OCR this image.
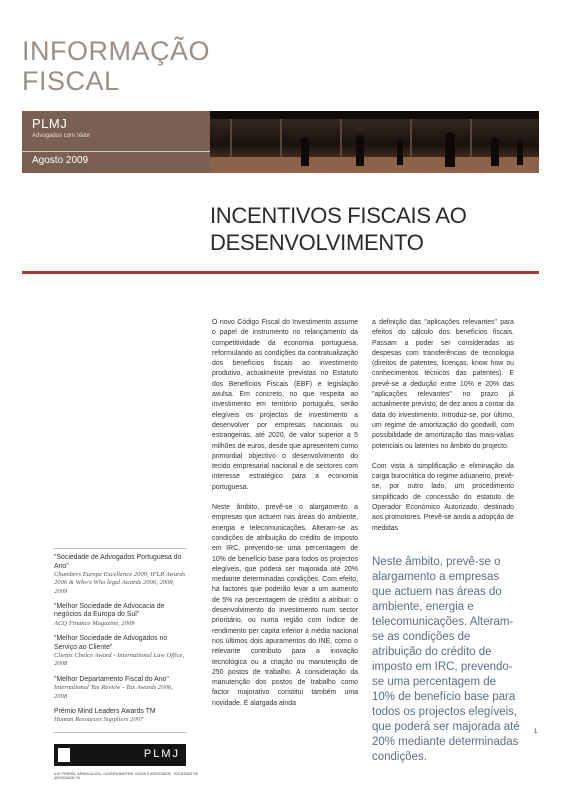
INFORMAÇÃO
FISCAL
PLMJ
Advogados com Valor
Agosto 2009
INCENTIVOS FISCAIS AO
DESENVOLVIMENTO

O novo Código Fiscal do Investimento assume o papel de instrumento no relançamento da competitividade da economia portuguesa, reformulando as condições da contratualização dos benefícios fiscais ao investimento produtivo, actualmente previstas no Estatuto dos Benefícios Fiscais (EBF) e legislação avulsa. Em concreto, no que respeita ao investimento em território português, serão elegíveis os projectos de investimento a desenvolver por empresas nacionais ou estrangeiras, até 2020, de valor superior a 5 milhões de euros, desde que apresentem como primordial objectivo o desenvolvimento do tecido empresarial nacional e de sectores com interesse estratégico para a economia portuguesa.

Neste âmbito, prevê-se o alargamento a empresas que actuem nas áreas do ambiente, energia e telecomunicações. Alteram-se as condições de atribuição do crédito de imposto em IRC, prevendo-se uma percentagem de 10% de benefício base para todos os projectos elegíveis, que poderá ser majorada até 20% mediante determinadas condições. Com efeito, há factores que poderão levar a um aumento de 5% na percentagem de crédito a atribuir: o desenvolvimento do investimento num sector prioritário, ou numa região com índice de rendimento per capita inferior à média nacional nos últimos dois apuramentos do INE, como o relevante contributo para a inovação tecnológica ou a criação ou manutenção de 250 postos de trabalho. A consideração da manutenção dos postos de trabalho como factor majorativo constitui também uma novidade. É alargada ainda

a definição das "aplicações relevantes" para efeitos do cálculo dos benefícios fiscais. Passam a poder ser consideradas as despesas com transferências de tecnologia (direitos de patentes, licenças, know how ou conhecimentos técnicos das patentes). E prevê-se a dedução entre 10% e 20% das "aplicações relevantes" no prazo já actualmente previsto, de dez anos a contar da data do investimento. Introduz-se, por último, um regime de amortização do goodwill, com possibilidade de amortização das mais-valias potenciais ou latentes no âmbito do projecto.

Com vista à simplificação e eliminação da carga burocrática do regime aduaneiro, prevê-se, por outro lado, um procedimento simplificado de concessão do estatuto de Operador Económico Autorizado, destinado aos promotores. Prevê-se ainda a adopção de medidas

Neste âmbito, prevê-se o alargamento a empresas que actuem nas áreas do ambiente, energia e telecomunicações. Alteram-se as condições de atribuição do crédito de imposto em IRC, prevendo-se uma percentagem de 10% de benefício base para todos os projectos elegíveis, que poderá ser majorada até 20% mediante determinadas condições.
"Sociedade de Advogados Portuguesa do Ano"
Chambers Europe Excellence 2009, IFLR Awards 2006 & Who's Who legal Awards 2006, 2008, 2009
"Melhor Sociedade de Advocacia de negócios da Europa do Sul"
ACQ Finance Magazine, 2009
"Melhor Sociedade de Advogados no Serviço ao Cliente"
Clients Choice Award - International Law Office, 2008
"Melhor Departamento Fiscal do Ano"
International Tax Review - Tax Awards 2006, 2008
Prémio Mind Leaders Awards TM
Human Resources Suppliers 2007
PLMJ
A.M. PEREIRA, SÁRAGGA LEAL, OLIVEIRA MARTINS, JÚDICE E ASSOCIADOS · SOCIEDADE DE ADVOGADOS, RL
1
